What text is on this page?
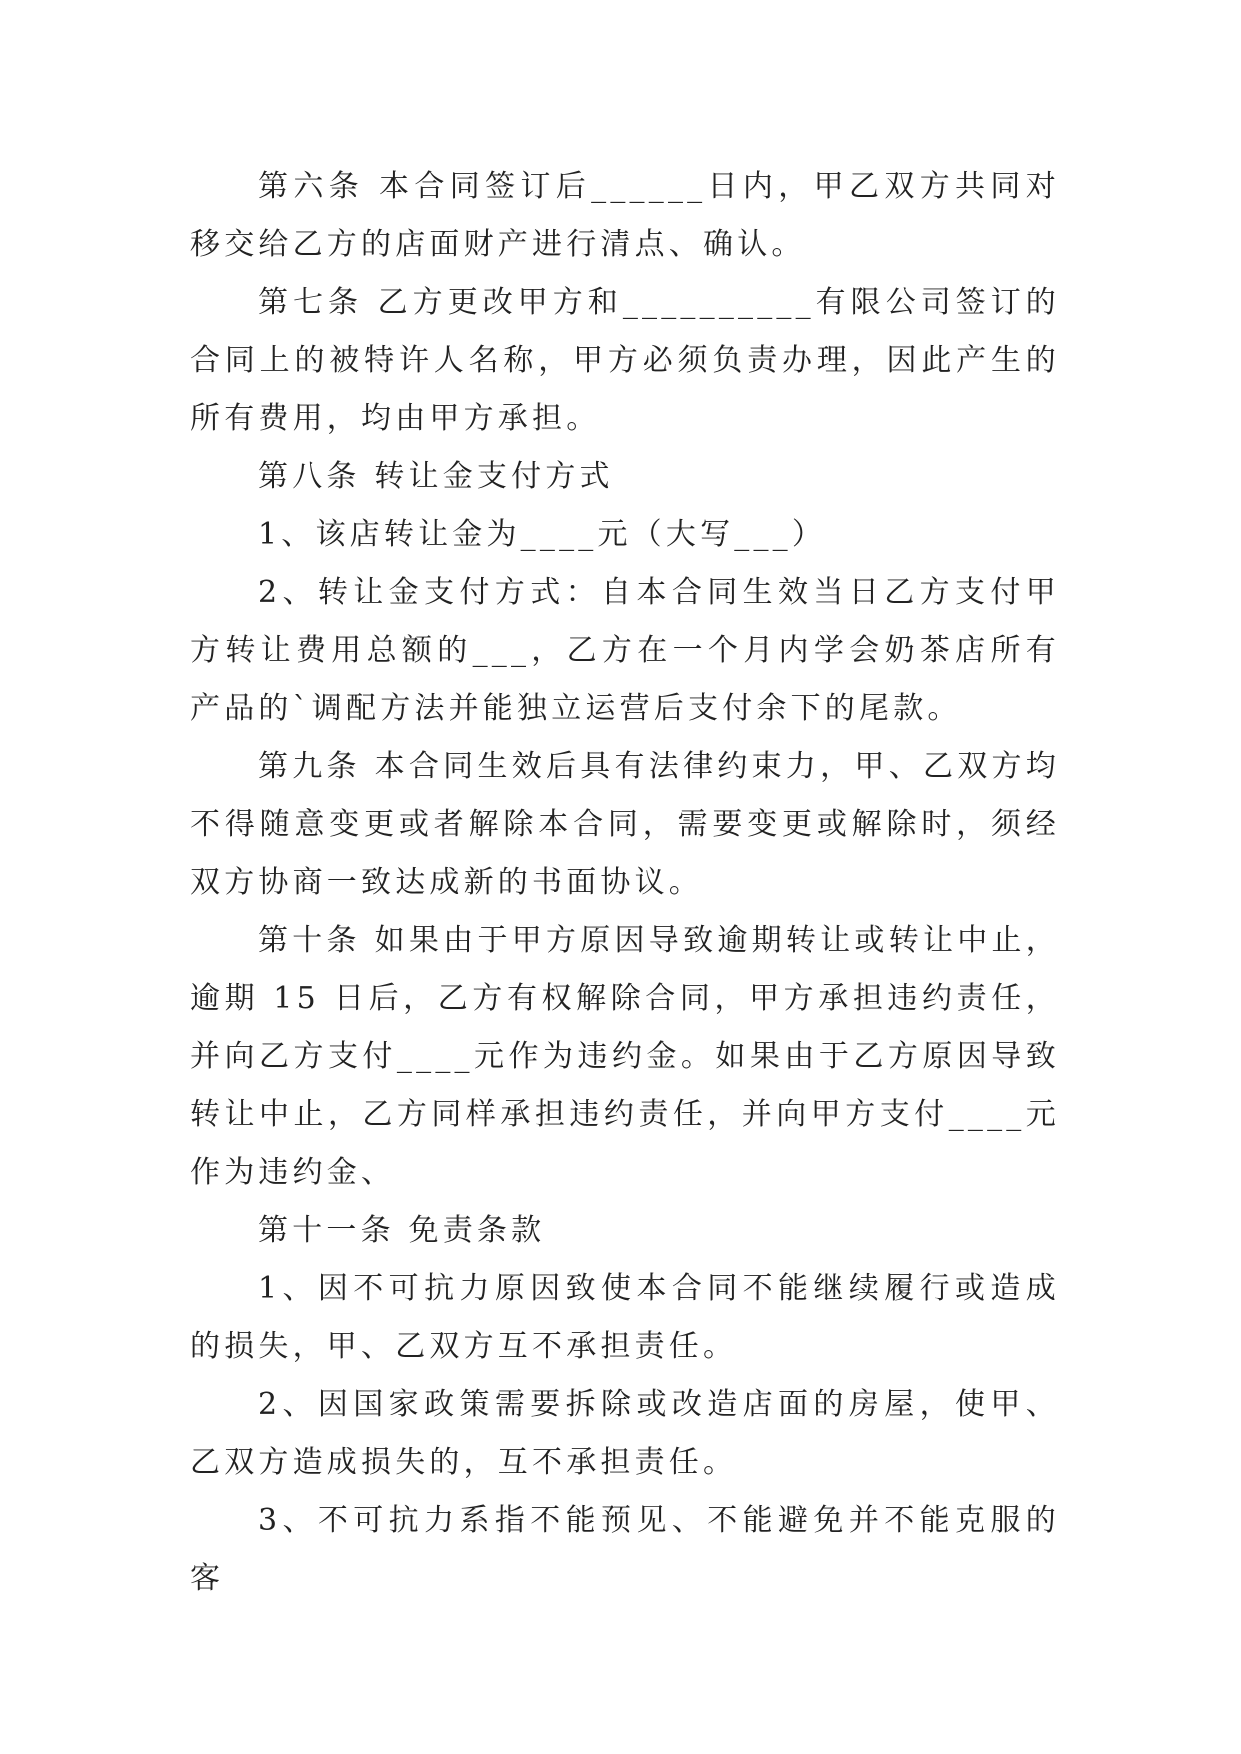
第六条 本合同签订后______日内，甲乙双方共同对移交给乙方的店面财产进行清点、确认。

第七条 乙方更改甲方和__________有限公司签订的合同上的被特许人名称，甲方必须负责办理，因此产生的所有费用，均由甲方承担。

第八条 转让金支付方式

1、该店转让金为____元（大写___）

2、转让金支付方式：自本合同生效当日乙方支付甲方转让费用总额的___，乙方在一个月内学会奶茶店所有产品的`调配方法并能独立运营后支付余下的尾款。

第九条 本合同生效后具有法律约束力，甲、乙双方均不得随意变更或者解除本合同，需要变更或解除时，须经双方协商一致达成新的书面协议。

第十条 如果由于甲方原因导致逾期转让或转让中止，逾期 15 日后，乙方有权解除合同，甲方承担违约责任，并向乙方支付____元作为违约金。如果由于乙方原因导致转让中止，乙方同样承担违约责任，并向甲方支付____元作为违约金、

第十一条 免责条款

1、因不可抗力原因致使本合同不能继续履行或造成的损失，甲、乙双方互不承担责任。

2、因国家政策需要拆除或改造店面的房屋，使甲、乙双方造成损失的，互不承担责任。

3、不可抗力系指不能预见、不能避免并不能克服的客
